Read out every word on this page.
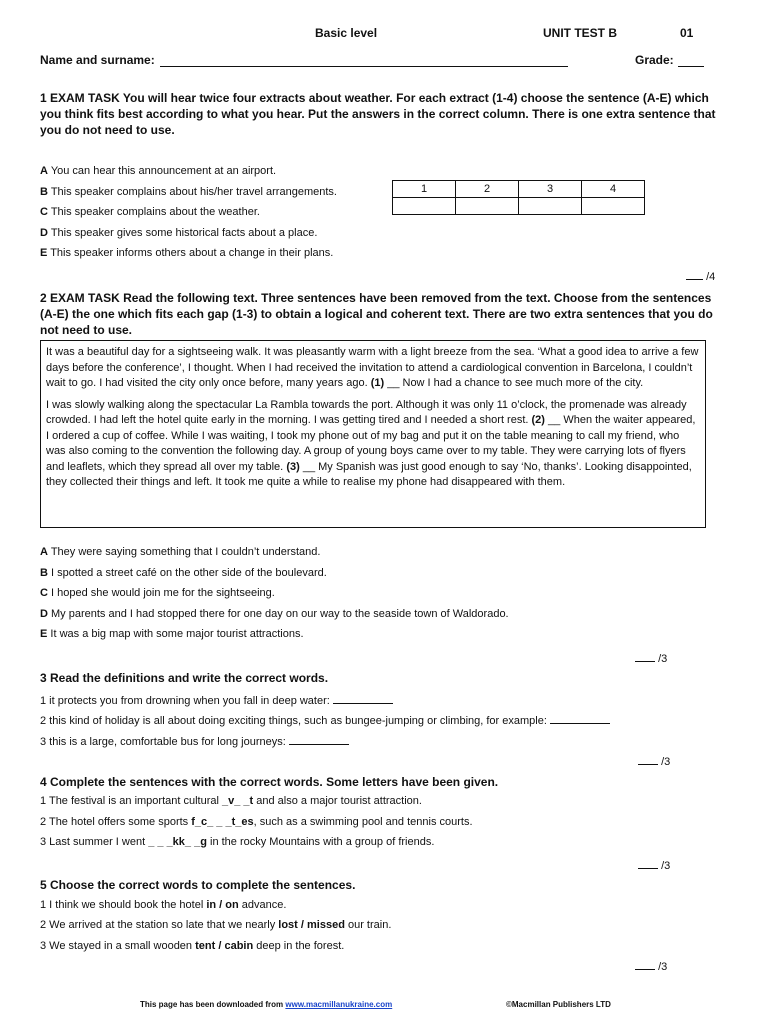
Basic level	UNIT TEST B	01
Name and surname:	Grade:
1 EXAM TASK You will hear twice four extracts about weather. For each extract (1-4) choose the sentence (A-E) which you think fits best according to what you hear. Put the answers in the correct column. There is one extra sentence that you do not need to use.
A You can hear this announcement at an airport.
B This speaker complains about his/her travel arrangements.
C This speaker complains about the weather.
D This speaker gives some historical facts about a place.
E This speaker informs others about a change in their plans.
1	2	3	4

/4
2 EXAM TASK Read the following text. Three sentences have been removed from the text. Choose from the sentences (A-E) the one which fits each gap (1-3) to obtain a logical and coherent text. There are two extra sentences that you do not need to use.

It was a beautiful day for a sightseeing walk. It was pleasantly warm with a light breeze from the sea. ‘What a good idea to arrive a few days before the conference’, I thought. When I had received the invitation to attend a cardiological convention in Barcelona, I couldn’t wait to go. I had visited the city only once before, many years ago. (1) __ Now I had a chance to see much more of the city.

I was slowly walking along the spectacular La Rambla towards the port. Although it was only 11 o’clock, the promenade was already crowded. I had left the hotel quite early in the morning. I was getting tired and I needed a short rest. (2) __ When the waiter appeared, I ordered a cup of coffee. While I was waiting, I took my phone out of my bag and put it on the table meaning to call my friend, who was also coming to the convention the following day. A group of young boys came over to my table. They were carrying lots of flyers and leaflets, which they spread all over my table. (3) __ My Spanish was just good enough to say ‘No, thanks’. Looking disappointed, they collected their things and left. It took me quite a while to realise my phone had disappeared with them.

A They were saying something that I couldn’t understand.
B I spotted a street café on the other side of the boulevard.
C I hoped she would join me for the sightseeing.
D My parents and I had stopped there for one day on our way to the seaside town of Waldorado.
E It was a big map with some major tourist attractions.
/3
3 Read the definitions and write the correct words.
1 it protects you from drowning when you fall in deep water:
2 this kind of holiday is all about doing exciting things, such as bungee-jumping or climbing, for example:
3 this is a large, comfortable bus for long journeys:
/3
4 Complete the sentences with the correct words. Some letters have been given.
1 The festival is an important cultural _v_ _t and also a major tourist attraction.
2 The hotel offers some sports f_c_ _ _t_es, such as a swimming pool and tennis courts.
3 Last summer I went _ _ _kk_ _g in the rocky Mountains with a group of friends.
/3
5 Choose the correct words to complete the sentences.
1 I think we should book the hotel in / on advance.
2 We arrived at the station so late that we nearly lost / missed our train.
3 We stayed in a small wooden tent / cabin deep in the forest.
/3
This page has been downloaded from www.macmillanukraine.com	©Macmillan Publishers LTD
